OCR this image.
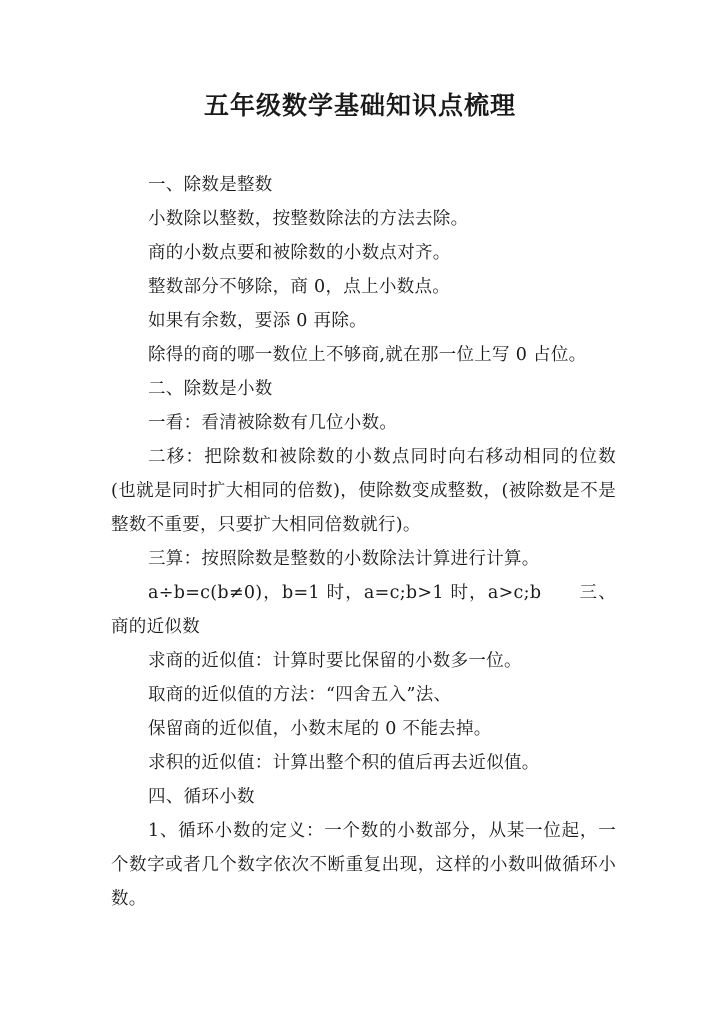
五年级数学基础知识点梳理

一、除数是整数

小数除以整数，按整数除法的方法去除。

商的小数点要和被除数的小数点对齐。

整数部分不够除，商 0，点上小数点。

如果有余数，要添 0 再除。

除得的商的哪一数位上不够商,就在那一位上写 0 占位。

二、除数是小数

一看：看清被除数有几位小数。

二移：把除数和被除数的小数点同时向右移动相同的位数(也就是同时扩大相同的倍数)，使除数变成整数，(被除数是不是整数不重要，只要扩大相同倍数就行)。

三算：按照除数是整数的小数除法计算进行计算。

a÷b=c(b≠0)，b=1 时，a=c;b>1 时，a>c;b　　三、商的近似数

求商的近似值：计算时要比保留的小数多一位。

取商的近似值的方法：“四舍五入”法、

保留商的近似值，小数末尾的 0 不能去掉。

求积的近似值：计算出整个积的值后再去近似值。

四、循环小数

1、循环小数的定义：一个数的小数部分，从某一位起，一个数字或者几个数字依次不断重复出现，这样的小数叫做循环小数。
